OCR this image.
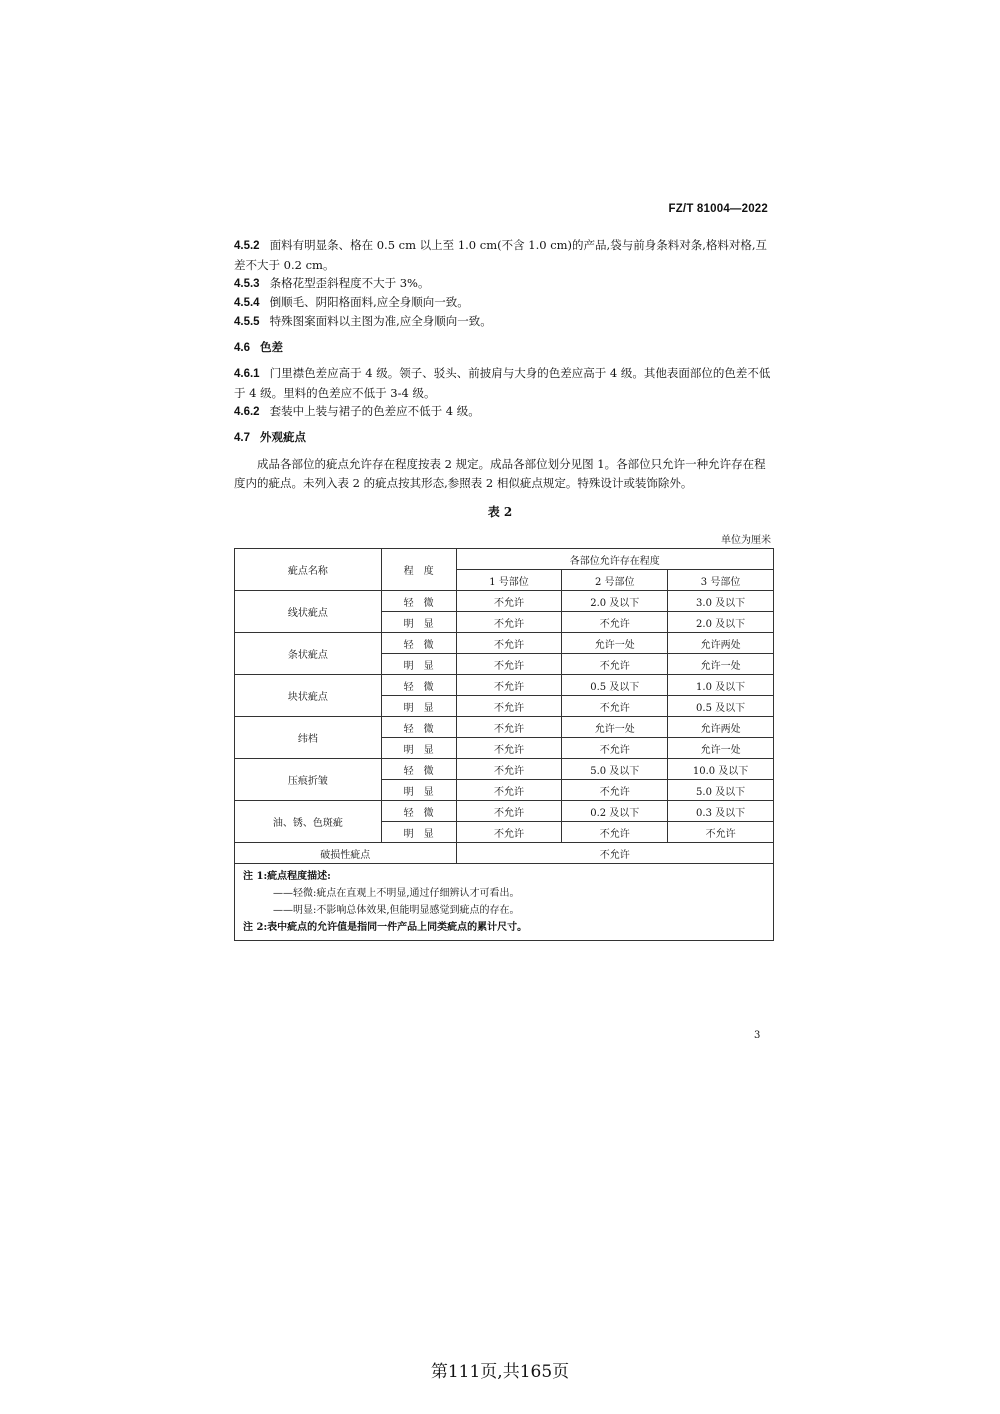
FZ/T 81004—2022
4.5.2 面料有明显条、格在 0.5 cm 以上至 1.0 cm(不含 1.0 cm)的产品,袋与前身条料对条,格料对格,互差不大于 0.2 cm。
4.5.3 条格花型歪斜程度不大于 3%。
4.5.4 倒顺毛、阴阳格面料,应全身顺向一致。
4.5.5 特殊图案面料以主图为准,应全身顺向一致。
4.6 色差
4.6.1 门里襟色差应高于 4 级。领子、驳头、前披肩与大身的色差应高于 4 级。其他表面部位的色差不低于 4 级。里料的色差应不低于 3-4 级。
4.6.2 套装中上装与裙子的色差应不低于 4 级。
4.7 外观疵点
成品各部位的疵点允许存在程度按表 2 规定。成品各部位划分见图 1。各部位只允许一种允许存在程度内的疵点。未列入表 2 的疵点按其形态,参照表 2 相似疵点规定。特殊设计或装饰除外。
表 2
单位为厘米
疵点名称	程度	各部位允许存在程度		
		1 号部位	2 号部位	3 号部位
线状疵点	轻微	不允许	2.0 及以下	3.0 及以下
	明显	不允许	不允许	2.0 及以下
条状疵点	轻微	不允许	允许一处	允许两处
	明显	不允许	不允许	允许一处
块状疵点	轻微	不允许	0.5 及以下	1.0 及以下
	明显	不允许	不允许	0.5 及以下
纬档	轻微	不允许	允许一处	允许两处
	明显	不允许	不允许	允许一处
压痕折皱	轻微	不允许	5.0 及以下	10.0 及以下
	明显	不允许	不允许	5.0 及以下
油、锈、色斑疵	轻微	不允许	0.2 及以下	0.3 及以下
	明显	不允许	不允许	不允许
破损性疵点		不允许		

注 1:疵点程度描述:
——轻微:疵点在直观上不明显,通过仔细辨认才可看出。
——明显:不影响总体效果,但能明显感觉到疵点的存在。
注 2:表中疵点的允许值是指同一件产品上同类疵点的累计尺寸。				
3
第111页,共165页
